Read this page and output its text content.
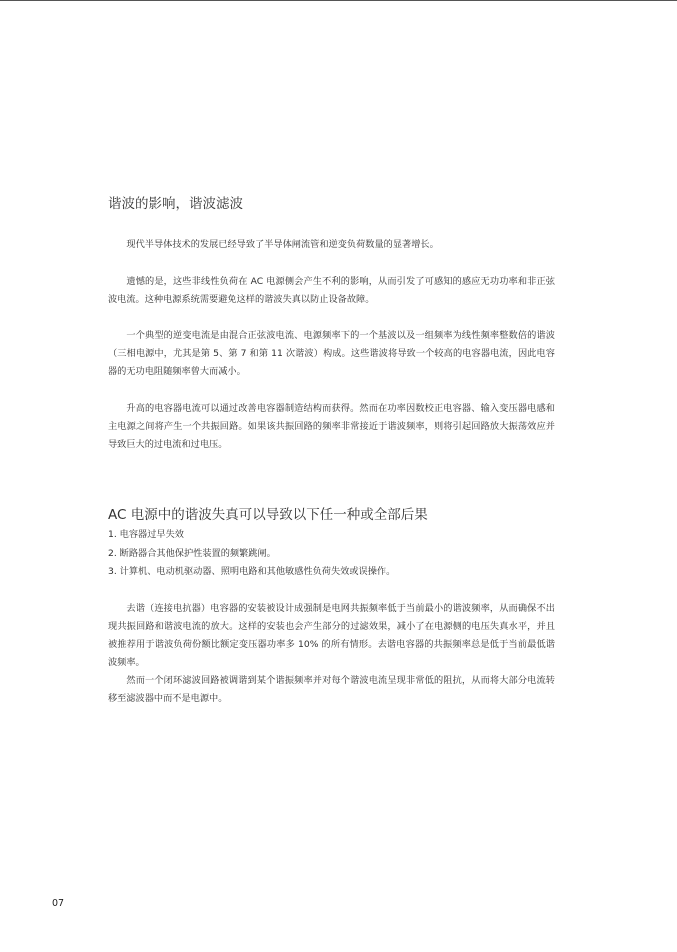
谐波的影响，谐波滤波

现代半导体技术的发展已经导致了半导体闸流管和逆变负荷数量的显著增长。

遗憾的是，这些非线性负荷在 AC 电源侧会产生不利的影响，从而引发了可感知的感应无功功率和非正弦波电流。这种电源系统需要避免这样的谐波失真以防止设备故障。

一个典型的逆变电流是由混合正弦波电流、电源频率下的一个基波以及一组频率为线性频率整数倍的谐波（三相电源中，尤其是第 5、第 7 和第 11 次谐波）构成。这些谐波将导致一个较高的电容器电流，因此电容器的无功电阻随频率曾大而减小。

升高的电容器电流可以通过改善电容器制造结构而获得。然而在功率因数校正电容器、输入变压器电感和主电源之间将产生一个共振回路。如果该共振回路的频率非常接近于谐波频率，则将引起回路放大振荡效应并导致巨大的过电流和过电压。

AC 电源中的谐波失真可以导致以下任一种或全部后果
1. 电容器过早失效
2. 断路器合其他保护性装置的频繁跳闸。
3. 计算机、电动机驱动器、照明电路和其他敏感性负荷失效或误操作。

去谐（连接电抗器）电容器的安装被设计成强制是电网共振频率低于当前最小的谐波频率，从而确保不出现共振回路和谐波电流的放大。这样的安装也会产生部分的过滤效果，减小了在电源侧的电压失真水平，并且被推荐用于谐波负荷份额比额定变压器功率多 10% 的所有情形。去谐电容器的共振频率总是低于当前最低谐波频率。

然而一个闭环滤波回路被调谐到某个谐振频率并对每个谐波电流呈现非常低的阻抗，从而将大部分电流转移至滤波器中而不是电源中。

07
